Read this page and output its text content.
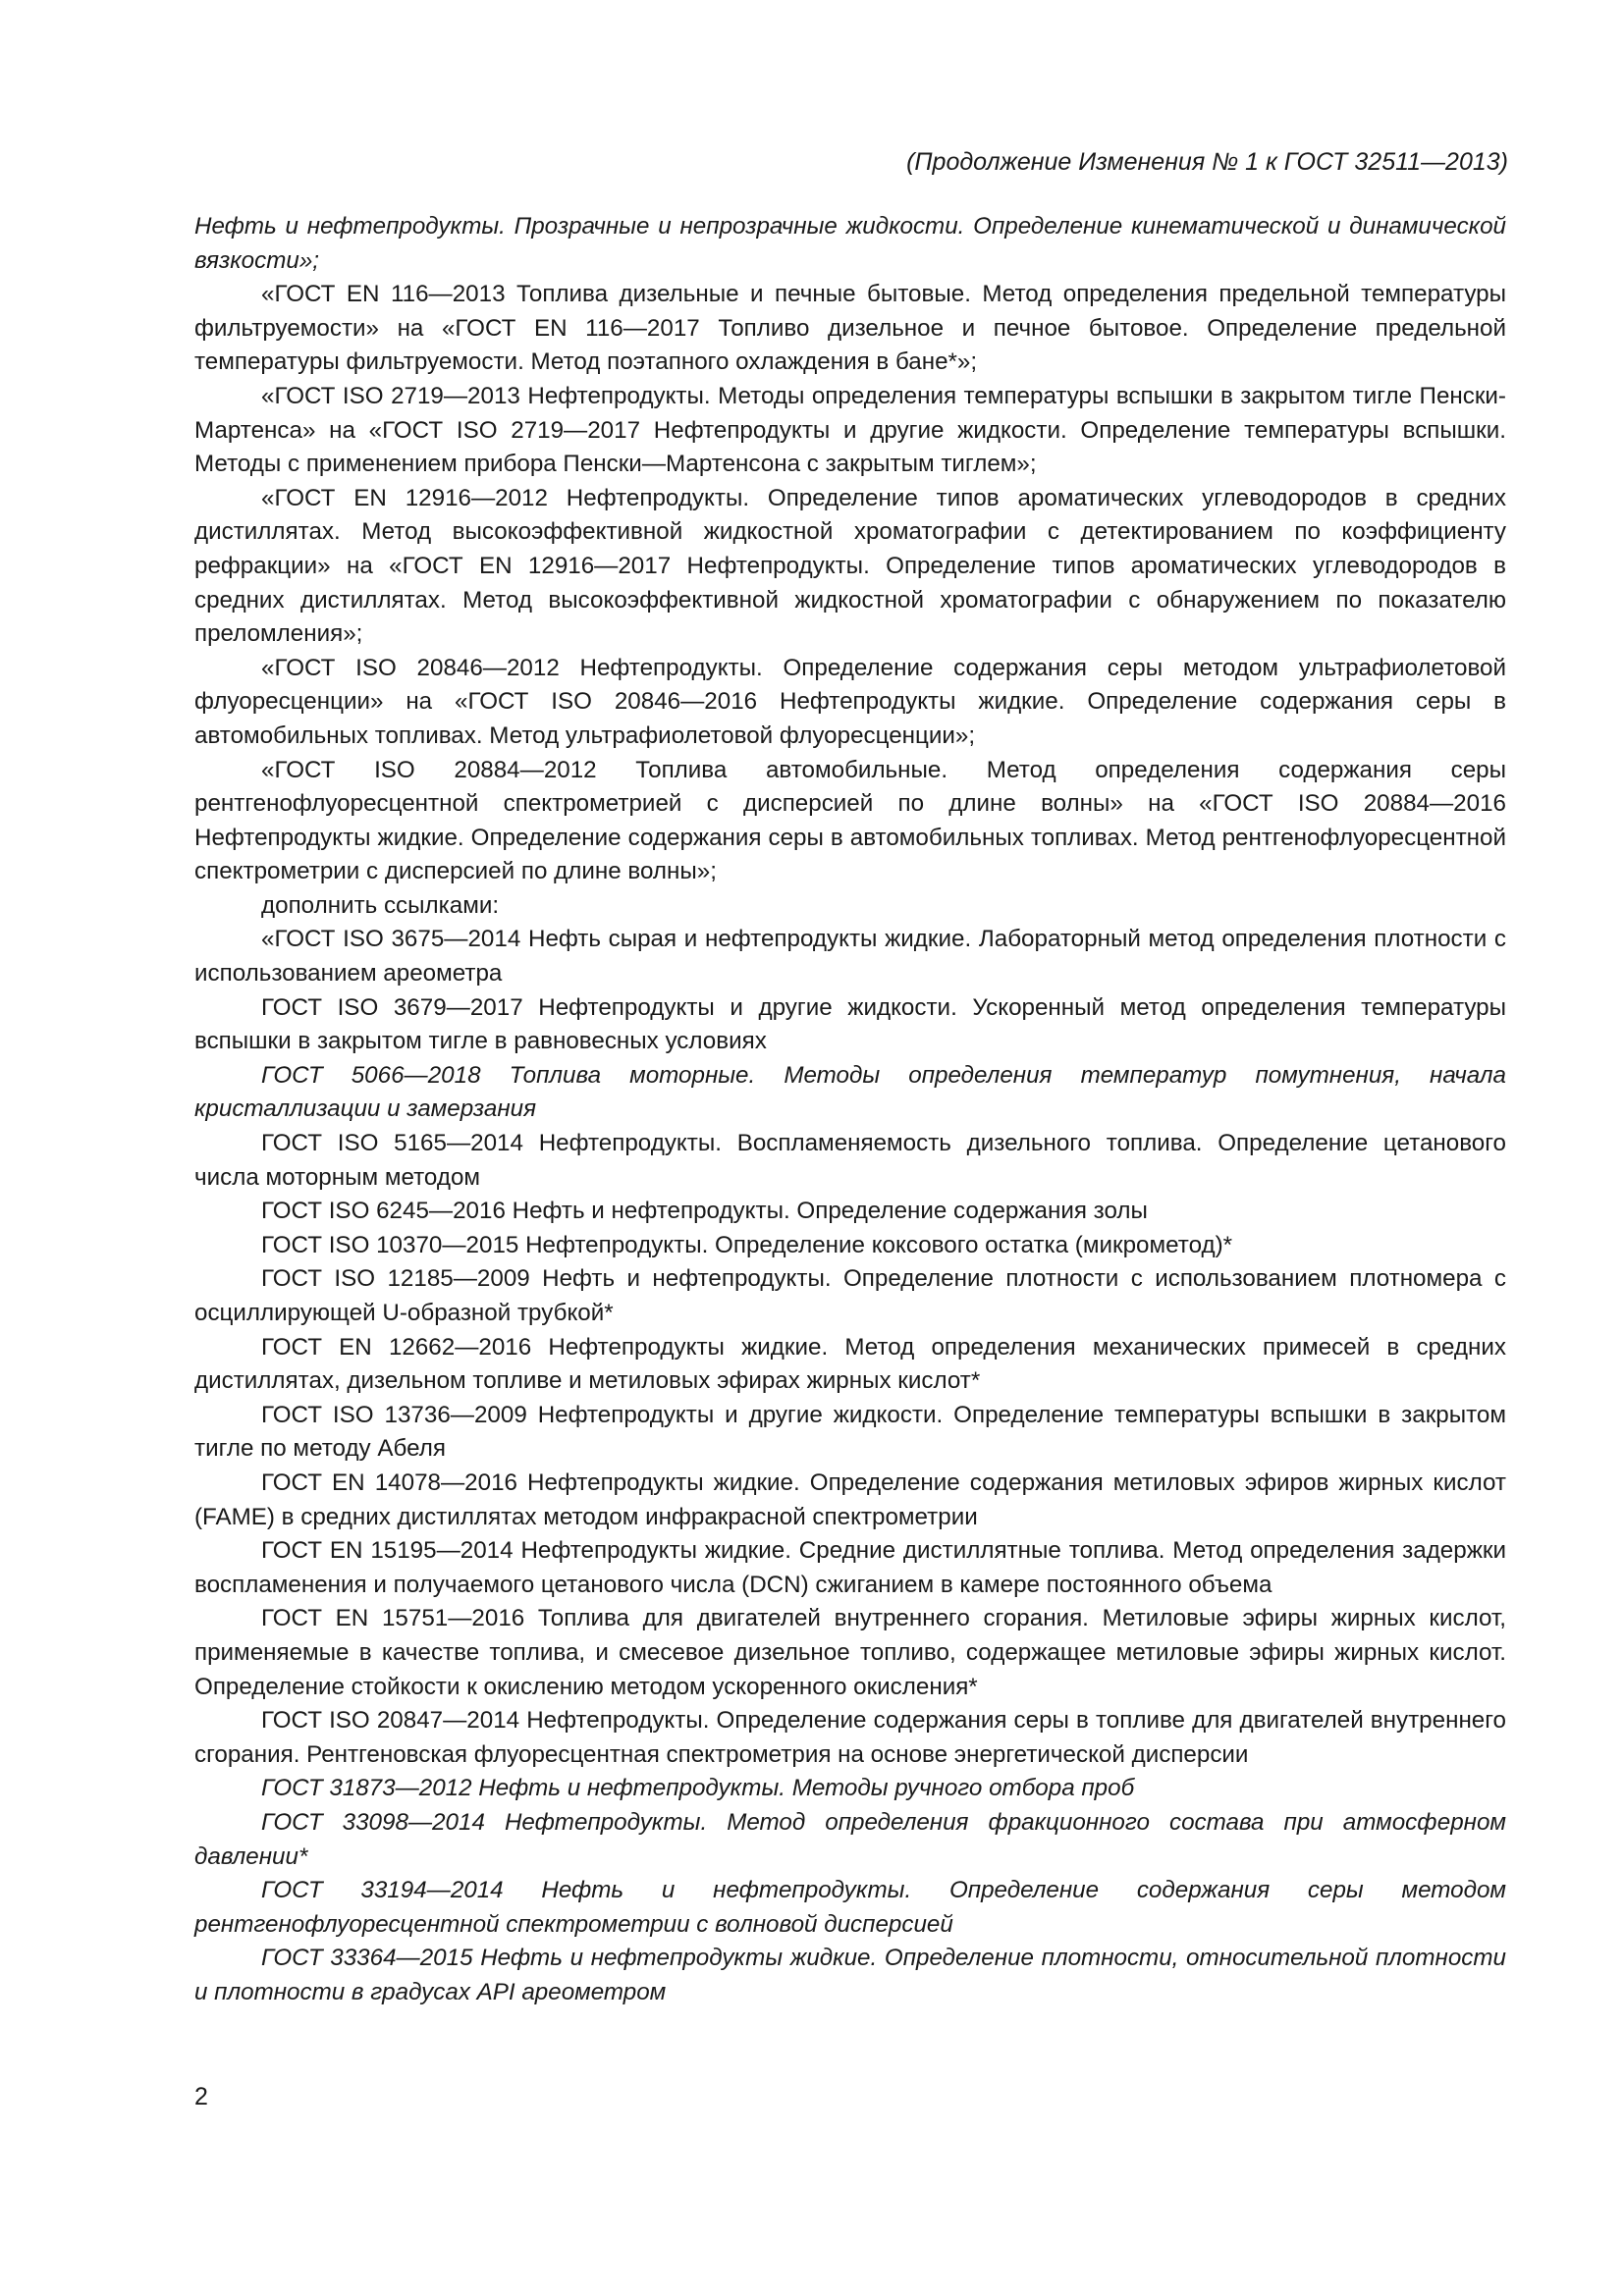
(Продолжение Изменения № 1 к ГОСТ 32511—2013)

Нефть и нефтепродукты. Прозрачные и непрозрачные жидкости. Определение кинематической и динамической вязкости»;

«ГОСТ EN 116—2013 Топлива дизельные и печные бытовые. Метод определения предельной температуры фильтруемости» на «ГОСТ EN 116—2017 Топливо дизельное и печное бытовое. Определение предельной температуры фильтруемости. Метод поэтапного охлаждения в бане*»;

«ГОСТ ISO 2719—2013 Нефтепродукты. Методы определения температуры вспышки в закрытом тигле Пенски-Мартенса» на «ГОСТ ISO 2719—2017 Нефтепродукты и другие жидкости. Определение температуры вспышки. Методы с применением прибора Пенски—Мартенсона с закрытым тиглем»;

«ГОСТ EN 12916—2012 Нефтепродукты. Определение типов ароматических углеводородов в средних дистиллятах. Метод высокоэффективной жидкостной хроматографии с детектированием по коэффициенту рефракции» на «ГОСТ EN 12916—2017 Нефтепродукты. Определение типов ароматических углеводородов в средних дистиллятах. Метод высокоэффективной жидкостной хроматографии с обнаружением по показателю преломления»;

«ГОСТ ISO 20846—2012 Нефтепродукты. Определение содержания серы методом ультрафиолетовой флуоресценции» на «ГОСТ ISO 20846—2016 Нефтепродукты жидкие. Определение содержания серы в автомобильных топливах. Метод ультрафиолетовой флуоресценции»;

«ГОСТ ISO 20884—2012 Топлива автомобильные. Метод определения содержания серы рентгенофлуоресцентной спектрометрией с дисперсией по длине волны» на «ГОСТ ISO 20884—2016 Нефтепродукты жидкие. Определение содержания серы в автомобильных топливах. Метод рентгенофлуоресцентной спектрометрии с дисперсией по длине волны»;

дополнить ссылками:

«ГОСТ ISO 3675—2014 Нефть сырая и нефтепродукты жидкие. Лабораторный метод определения плотности с использованием ареометра

ГОСТ ISO 3679—2017 Нефтепродукты и другие жидкости. Ускоренный метод определения температуры вспышки в закрытом тигле в равновесных условиях

ГОСТ 5066—2018 Топлива моторные. Методы определения температур помутнения, начала кристаллизации и замерзания

ГОСТ ISO 5165—2014 Нефтепродукты. Воспламеняемость дизельного топлива. Определение цетанового числа моторным методом

ГОСТ ISO 6245—2016 Нефть и нефтепродукты. Определение содержания золы

ГОСТ ISO 10370—2015 Нефтепродукты. Определение коксового остатка (микрометод)*

ГОСТ ISO 12185—2009 Нефть и нефтепродукты. Определение плотности с использованием плотномера с осциллирующей U-образной трубкой*

ГОСТ EN 12662—2016 Нефтепродукты жидкие. Метод определения механических примесей в средних дистиллятах, дизельном топливе и метиловых эфирах жирных кислот*

ГОСТ ISO 13736—2009 Нефтепродукты и другие жидкости. Определение температуры вспышки в закрытом тигле по методу Абеля

ГОСТ EN 14078—2016 Нефтепродукты жидкие. Определение содержания метиловых эфиров жирных кислот (FAME) в средних дистиллятах методом инфракрасной спектрометрии

ГОСТ EN 15195—2014 Нефтепродукты жидкие. Средние дистиллятные топлива. Метод определения задержки воспламенения и получаемого цетанового числа (DCN) сжиганием в камере постоянного объема

ГОСТ EN 15751—2016 Топлива для двигателей внутреннего сгорания. Метиловые эфиры жирных кислот, применяемые в качестве топлива, и смесевое дизельное топливо, содержащее метиловые эфиры жирных кислот. Определение стойкости к окислению методом ускоренного окисления*

ГОСТ ISO 20847—2014 Нефтепродукты. Определение содержания серы в топливе для двигателей внутреннего сгорания. Рентгеновская флуоресцентная спектрометрия на основе энергетической дисперсии

ГОСТ 31873—2012 Нефть и нефтепродукты. Методы ручного отбора проб

ГОСТ 33098—2014 Нефтепродукты. Метод определения фракционного состава при атмосферном давлении*

ГОСТ 33194—2014 Нефть и нефтепродукты. Определение содержания серы методом рентгенофлуоресцентной спектрометрии с волновой дисперсией

ГОСТ 33364—2015 Нефть и нефтепродукты жидкие. Определение плотности, относительной плотности и плотности в градусах API ареометром

2
